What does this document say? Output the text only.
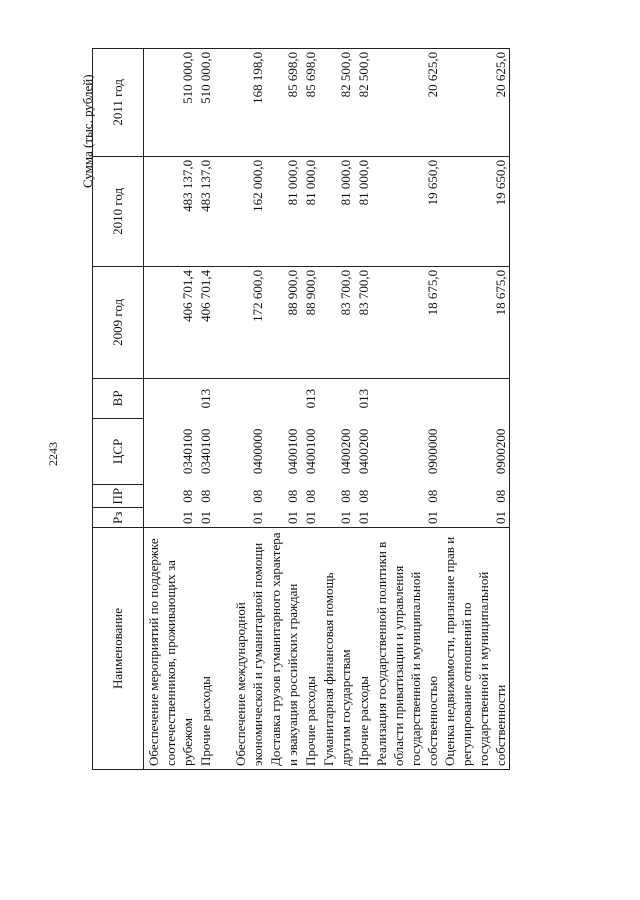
2243
Сумма (тыс. рублей)
Наименование	Рз	ПР	ЦСР	ВР	2009 год	2010 год	2011 год
Обеспечение мероприятий по поддержке соотечественников, проживающих за рубежом	01	08	0340100		406 701,4	483 137,0	510 000,0
Прочие расходы	01	08	0340100	013	406 701,4	483 137,0	510 000,0
Обеспечение международной экономической и гуманитарной помощи	01	08	0400000		172 600,0	162 000,0	168 198,0
Доставка грузов гуманитарного характера и эвакуация российских граждан	01	08	0400100		88 900,0	81 000,0	85 698,0
Прочие расходы	01	08	0400100	013	88 900,0	81 000,0	85 698,0
Гуманитарная финансовая помощь другим государствам	01	08	0400200		83 700,0	81 000,0	82 500,0
Прочие расходы	01	08	0400200	013	83 700,0	81 000,0	82 500,0
Реализация государственной политики в области приватизации и управления государственной и муниципальной собственностью	01	08	0900000		18 675,0	19 650,0	20 625,0
Оценка недвижимости, признание прав и регулирование отношений по государственной и муниципальной собственности	01	08	0900200		18 675,0	19 650,0	20 625,0
